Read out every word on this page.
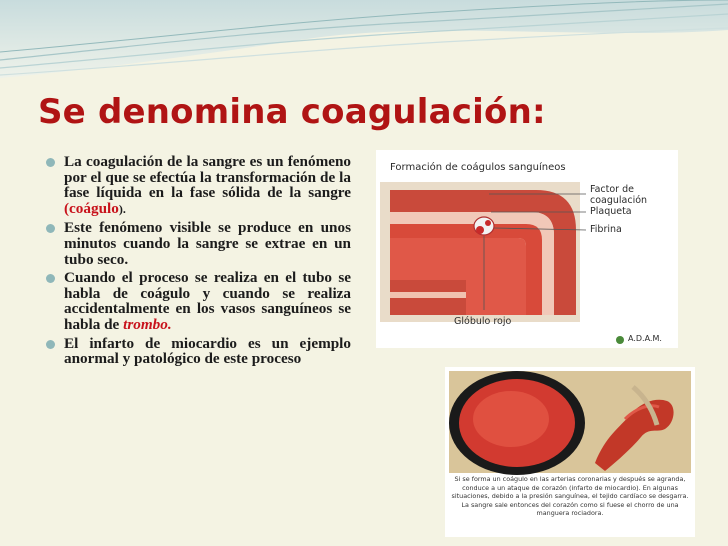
Se denomina coagulación:
La coagulación de la sangre es un fenómeno por el que se efectúa la transformación de la fase líquida en la fase sólida de la sangre (coágulo).
Este fenómeno visible se produce en unos minutos cuando la sangre se extrae en un tubo seco.
Cuando el proceso se realiza en el tubo se habla de coágulo y cuando se realiza accidentalmente en los vasos sanguíneos se habla de trombo.
El infarto de miocardio es un ejemplo anormal y patológico de este proceso
Formación de coágulos sanguíneos
Factor de
coagulación
Plaqueta
Fibrina
Glóbulo rojo
A.D.A.M.
Si se forma un coágulo en las arterias coronarias y después se agranda, conduce a un ataque de corazón (infarto de miocardio). En algunas situaciones, debido a la presión sanguínea, el tejido cardíaco se desgarra. La sangre sale entonces del corazón como si fuese el chorro de una manguera rociadora.
